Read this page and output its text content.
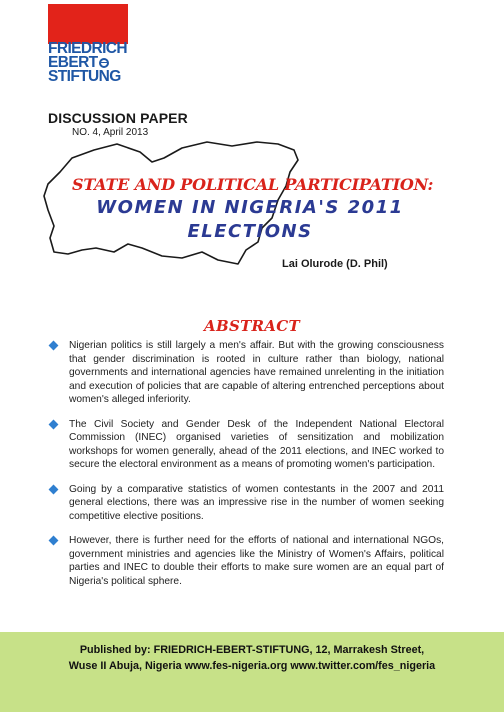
FRIEDRICH
EBERT
STIFTUNG
DISCUSSION PAPER
NO. 4, April 2013
STATE AND POLITICAL PARTICIPATION:
WOMEN IN NIGERIA'S 2011
ELECTIONS
Lai Olurode (D. Phil)
ABSTRACT
Nigerian politics is still largely a men's affair. But with the growing consciousness that gender discrimination is rooted in culture rather than biology, national governments and international agencies have remained unrelenting in the initiation and execution of policies that are capable of altering entrenched perceptions about women's alleged inferiority.
The Civil Society and Gender Desk of the Independent National Electoral Commission (INEC) organised varieties of sensitization and mobilization workshops for women generally, ahead of the 2011 elections, and INEC worked to secure the electoral environment as a means of promoting women's participation.
Going by a comparative statistics of women contestants in the 2007 and 2011 general elections, there was an impressive rise in the number of women seeking competitive elective positions.
However, there is further need for the efforts of national and international NGOs, government ministries and agencies like the Ministry of Women's Affairs, political parties and INEC to double their efforts to make sure women are an equal part of Nigeria's political sphere.
Published by: FRIEDRICH-EBERT-STIFTUNG, 12, Marrakesh Street,
Wuse II Abuja, Nigeria www.fes-nigeria.org www.twitter.com/fes_nigeria
